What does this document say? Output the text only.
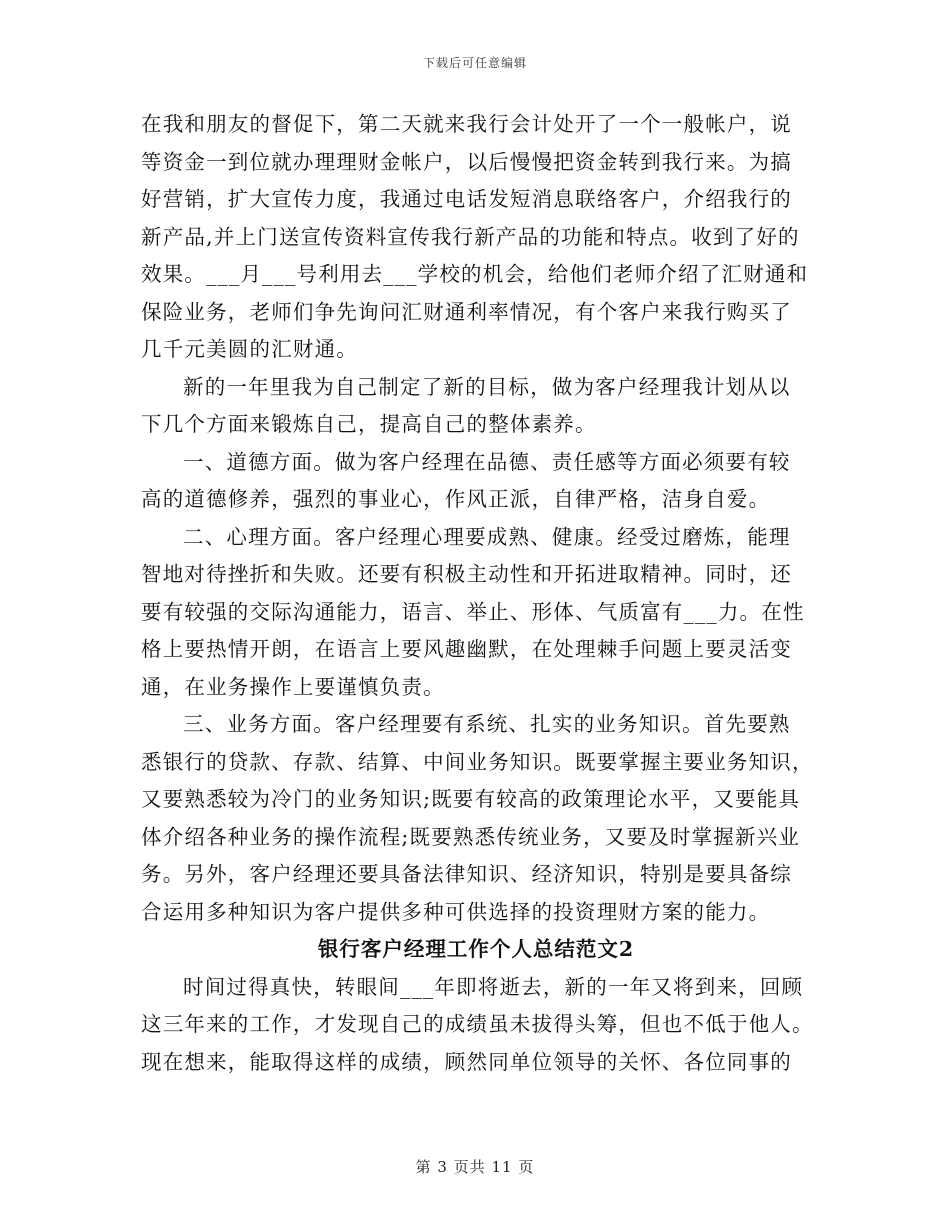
下载后可任意编辑
在我和朋友的督促下，第二天就来我行会计处开了一个一般帐户，说
等资金一到位就办理理财金帐户，以后慢慢把资金转到我行来。为搞
好营销，扩大宣传力度，我通过电话发短消息联络客户，介绍我行的
新产品,并上门送宣传资料宣传我行新产品的功能和特点。收到了好的
效果。___月___号利用去___学校的机会，给他们老师介绍了汇财通和
保险业务，老师们争先询问汇财通利率情况，有个客户来我行购买了
几千元美圆的汇财通。
新的一年里我为自己制定了新的目标，做为客户经理我计划从以
下几个方面来锻炼自己，提高自己的整体素养。
一、道德方面。做为客户经理在品德、责任感等方面必须要有较
高的道德修养，强烈的事业心，作风正派，自律严格，洁身自爱。
二、心理方面。客户经理心理要成熟、健康。经受过磨炼，能理
智地对待挫折和失败。还要有积极主动性和开拓进取精神。同时，还
要有较强的交际沟通能力，语言、举止、形体、气质富有___力。在性
格上要热情开朗，在语言上要风趣幽默，在处理棘手问题上要灵活变
通，在业务操作上要谨慎负责。
三、业务方面。客户经理要有系统、扎实的业务知识。首先要熟
悉银行的贷款、存款、结算、中间业务知识。既要掌握主要业务知识，
又要熟悉较为冷门的业务知识;既要有较高的政策理论水平，又要能具
体介绍各种业务的操作流程;既要熟悉传统业务，又要及时掌握新兴业
务。另外，客户经理还要具备法律知识、经济知识，特别是要具备综
合运用多种知识为客户提供多种可供选择的投资理财方案的能力。
银行客户经理工作个人总结范文2
时间过得真快，转眼间___年即将逝去，新的一年又将到来，回顾
这三年来的工作，才发现自己的成绩虽未拔得头筹，但也不低于他人。
现在想来，能取得这样的成绩，顾然同单位领导的关怀、各位同事的
第 3 页共 11 页
